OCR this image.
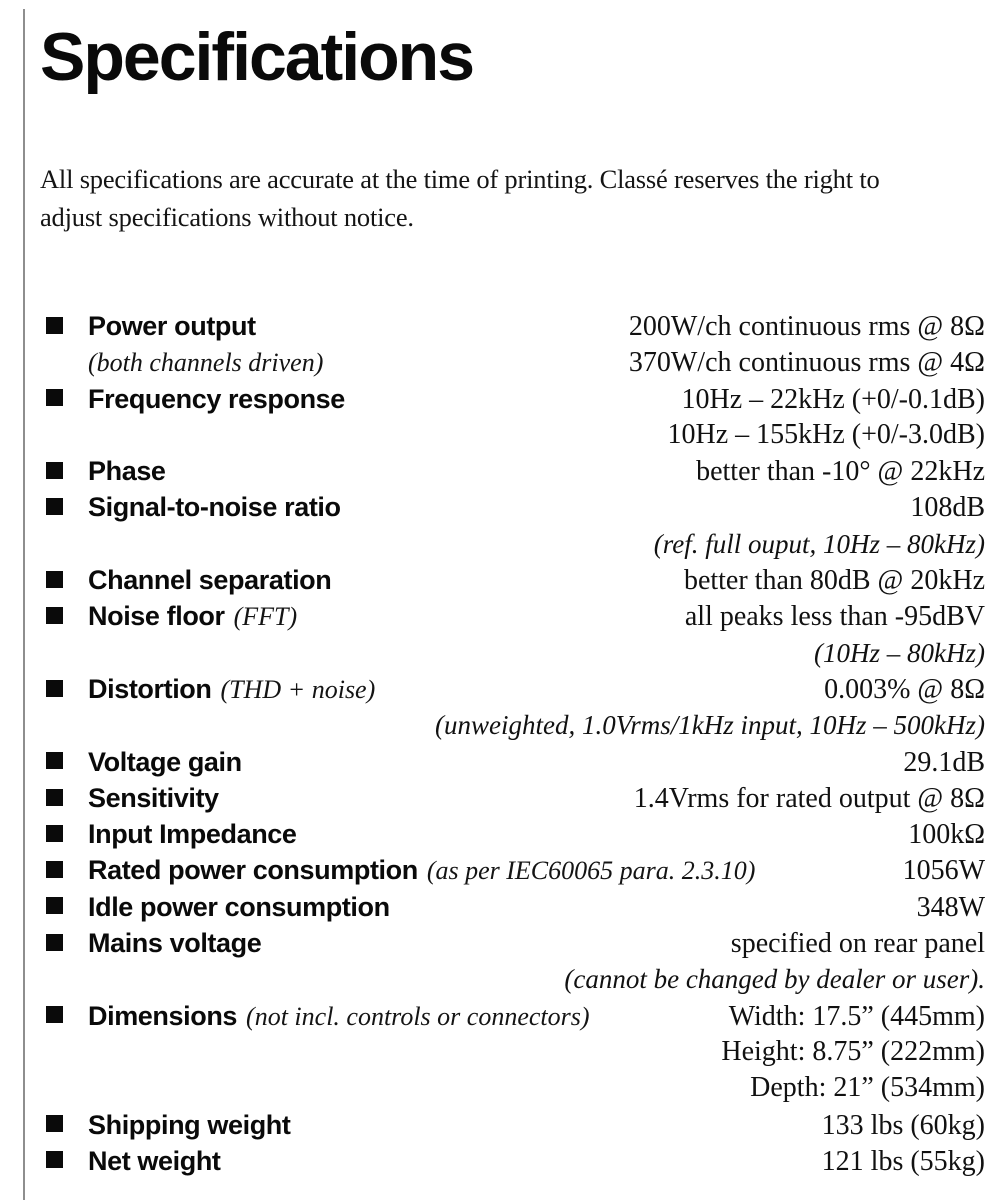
Specifications

All specifications are accurate at the time of printing. Classé reserves the right to
adjust specifications without notice.

Power output	200W/ch continuous rms @ 8Ω
(both channels driven)	370W/ch continuous rms @ 4Ω
Frequency response	10Hz – 22kHz (+0/-0.1dB)
10Hz – 155kHz (+0/-3.0dB)
Phase	better than -10° @ 22kHz
Signal-to-noise ratio	108dB
(ref. full ouput, 10Hz – 80kHz)
Channel separation	better than 80dB @ 20kHz
Noise floor (FFT)	all peaks less than -95dBV
(10Hz – 80kHz)
Distortion (THD + noise)	0.003% @ 8Ω
(unweighted, 1.0Vrms/1kHz input, 10Hz – 500kHz)
Voltage gain	29.1dB
Sensitivity	1.4Vrms for rated output @ 8Ω
Input Impedance	100kΩ
Rated power consumption (as per IEC60065 para. 2.3.10)	1056W
Idle power consumption	348W
Mains voltage	specified on rear panel
(cannot be changed by dealer or user).
Dimensions (not incl. controls or connectors)	Width: 17.5” (445mm)
Height: 8.75” (222mm)
Depth: 21” (534mm)
Shipping weight	133 lbs (60kg)
Net weight	121 lbs (55kg)
